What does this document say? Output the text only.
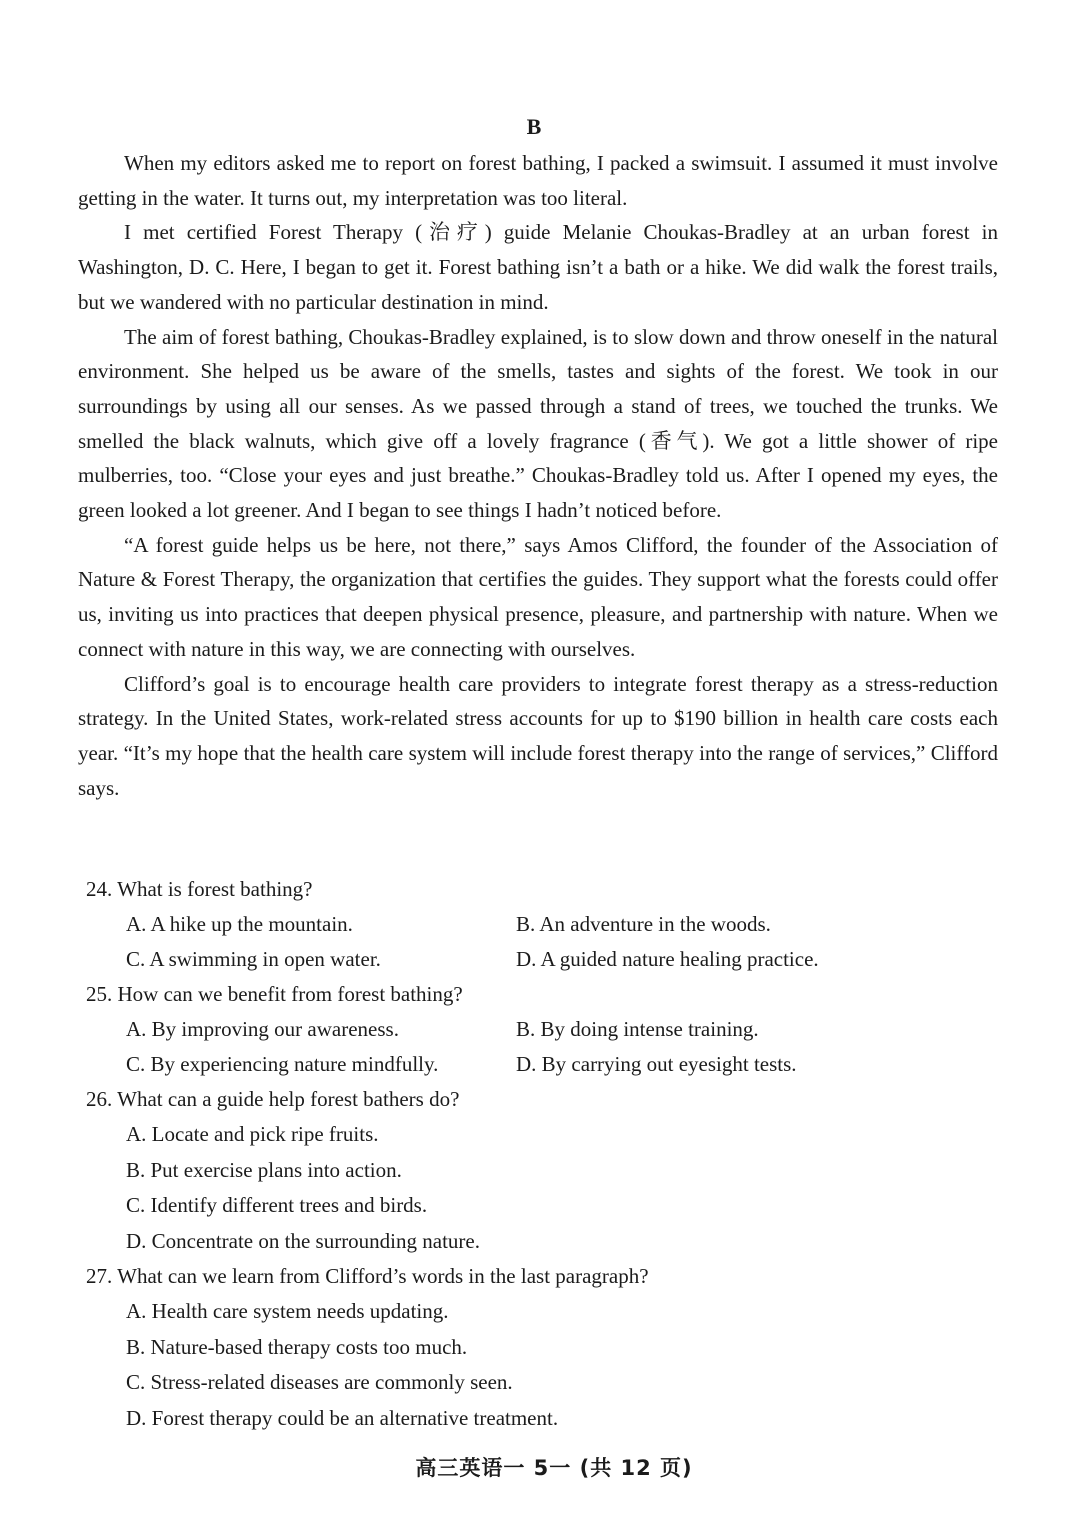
B

When my editors asked me to report on forest bathing, I packed a swimsuit. I assumed it must involve getting in the water. It turns out, my interpretation was too literal.

I met certified Forest Therapy (治疗) guide Melanie Choukas-Bradley at an urban forest in Washington, D. C. Here, I began to get it. Forest bathing isn’t a bath or a hike. We did walk the forest trails, but we wandered with no particular destination in mind.

The aim of forest bathing, Choukas-Bradley explained, is to slow down and throw oneself in the natural environment. She helped us be aware of the smells, tastes and sights of the forest. We took in our surroundings by using all our senses. As we passed through a stand of trees, we touched the trunks. We smelled the black walnuts, which give off a lovely fragrance (香气). We got a little shower of ripe mulberries, too. “Close your eyes and just breathe.” Choukas-Bradley told us. After I opened my eyes, the green looked a lot greener. And I began to see things I hadn’t noticed before.

“A forest guide helps us be here, not there,” says Amos Clifford, the founder of the Association of Nature & Forest Therapy, the organization that certifies the guides. They support what the forests could offer us, inviting us into practices that deepen physical presence, pleasure, and partnership with nature. When we connect with nature in this way, we are connecting with ourselves.

Clifford’s goal is to encourage health care providers to integrate forest therapy as a stress-reduction strategy. In the United States, work-related stress accounts for up to $190 billion in health care costs each year. “It’s my hope that the health care system will include forest therapy into the range of services,” Clifford says.

24. What is forest bathing?
A. A hike up the mountain.	B. An adventure in the woods.
C. A swimming in open water.	D. A guided nature healing practice.
25. How can we benefit from forest bathing?
A. By improving our awareness.	B. By doing intense training.
C. By experiencing nature mindfully.	D. By carrying out eyesight tests.
26. What can a guide help forest bathers do?
A. Locate and pick ripe fruits.
B. Put exercise plans into action.
C. Identify different trees and birds.
D. Concentrate on the surrounding nature.
27. What can we learn from Clifford’s words in the last paragraph?
A. Health care system needs updating.
B. Nature-based therapy costs too much.
C. Stress-related diseases are commonly seen.
D. Forest therapy could be an alternative treatment.
高三英语一 5一 (共 12 页)
